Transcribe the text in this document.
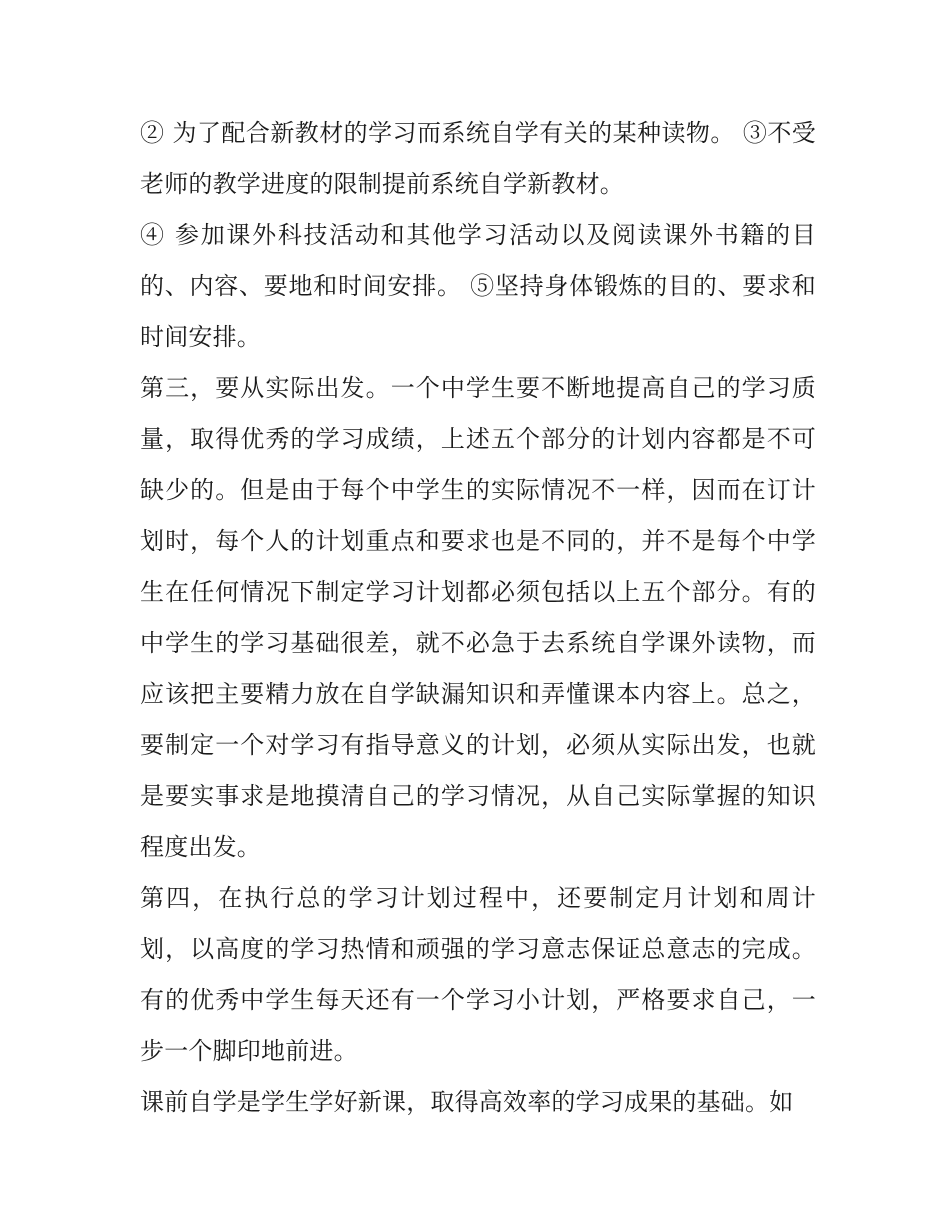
② 为了配合新教材的学习而系统自学有关的某种读物。 ③不受老师的教学进度的限制提前系统自学新教材。

④ 参加课外科技活动和其他学习活动以及阅读课外书籍的目的、内容、要地和时间安排。 ⑤坚持身体锻炼的目的、要求和时间安排。

第三，要从实际出发。一个中学生要不断地提高自己的学习质量，取得优秀的学习成绩，上述五个部分的计划内容都是不可缺少的。但是由于每个中学生的实际情况不一样，因而在订计划时，每个人的计划重点和要求也是不同的，并不是每个中学生在任何情况下制定学习计划都必须包括以上五个部分。有的中学生的学习基础很差，就不必急于去系统自学课外读物，而应该把主要精力放在自学缺漏知识和弄懂课本内容上。总之，要制定一个对学习有指导意义的计划，必须从实际出发，也就是要实事求是地摸清自己的学习情况，从自己实际掌握的知识程度出发。

第四，在执行总的学习计划过程中，还要制定月计划和周计划，以高度的学习热情和顽强的学习意志保证总意志的完成。有的优秀中学生每天还有一个学习小计划，严格要求自己，一步一个脚印地前进。

课前自学是学生学好新课，取得高效率的学习成果的基础。如
